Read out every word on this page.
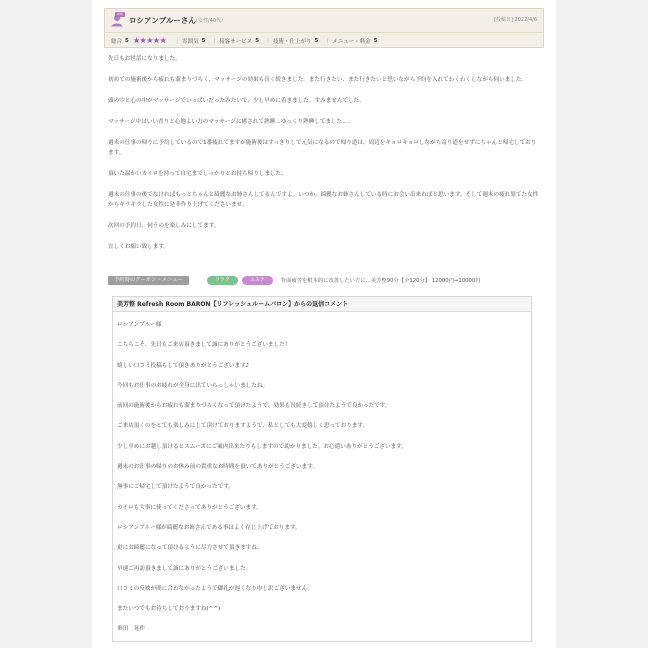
新規
ロシアンブルーさん
（女性/40代）	[投稿日] 2022/4/6
総合 5 ★★★★★ | 雰囲気 5 | 接客サービス 5 | 技術・仕上がり 5 | メニュー・料金 5

先日もお世話になりました。

初めての施術後から疲れも溜まりづらく、マッサージの効果も長く続きました。また行きたい、また行きたいと思いながら予約を入れてわくわくしながら伺いました。

頭の中と心の中がマッサージでいっぱいだったみたいで、少し早めに着きました。すみませんでした。

マッサージ中はいい香りと心地よい力のマッサージに癒されて熟睡…ゆっくり熟睡してました…。

週末の仕事の帰りに予約しているので1番疲れてますが施術後はすっきりして元気になるので帰り道は、周辺をキョロキョロしながら寄り道をせずにちゃんと帰宅しております。

頂いた温かいカイロを持って自宅までしっかりとお持ち帰りしました。

週末の仕事の後でなければもっとちゃんと綺麗なお姉さんしてるんですよ。いつか、綺麗なお姉さんしている時にお会い出来ればと思います。そして週末の疲れ果てた女性からキラキラした女性に是非作り上げてくださいませ。

次回の予約日、伺うのを楽しみにしてます。

宜しくお願い致します。

予約時のクーポン・メニュー	リラク	エステ	背面疲労を根本的に改善したい方に…美芳整90分【全120分】 12000円→10000円
美芳整 Refresh Room BARON【リフレッシュルームバロン】からの返信コメント

ロシアンブルー様

こちらこそ、先日もご来店頂きまして誠にありがとうございました！

嬉しい口コミ投稿もして頂きありがとうございます♪

今回もお仕事のお疲れが全身に出ていらっしゃいましたね。

前回の施術後からお疲れも溜まりづらくなって頂けたようで、効果も長続きして頂けたようで良かったです。

ご来店頂くのをとても楽しみにして頂けておりますようで、私としても大変嬉しく思っております。

少し早めにお越し頂けるとスムーズにご案内出来たりもしますので助かりました。お心遣いありがとうございます。

週末のお仕事の帰りのお休み前の貴重なお時間を頂いてありがとうございます。

無事にご帰宅して頂けたようで良かったです。

カイロも大事に使ってくださってありがとうございます。

ロシアンブルー様が綺麗なお姉さんである事はよく存じ上げております。

更にお綺麗になって頂けるように尽力させて頂きますね。

早速ご再訪頂きまして誠にありがとうございました。

口コミの反映が間に合わなかったようで御礼が遅くなり申し訳ございません。

またいつでもお待ちしておりますね(^^)

乗田　晃作
